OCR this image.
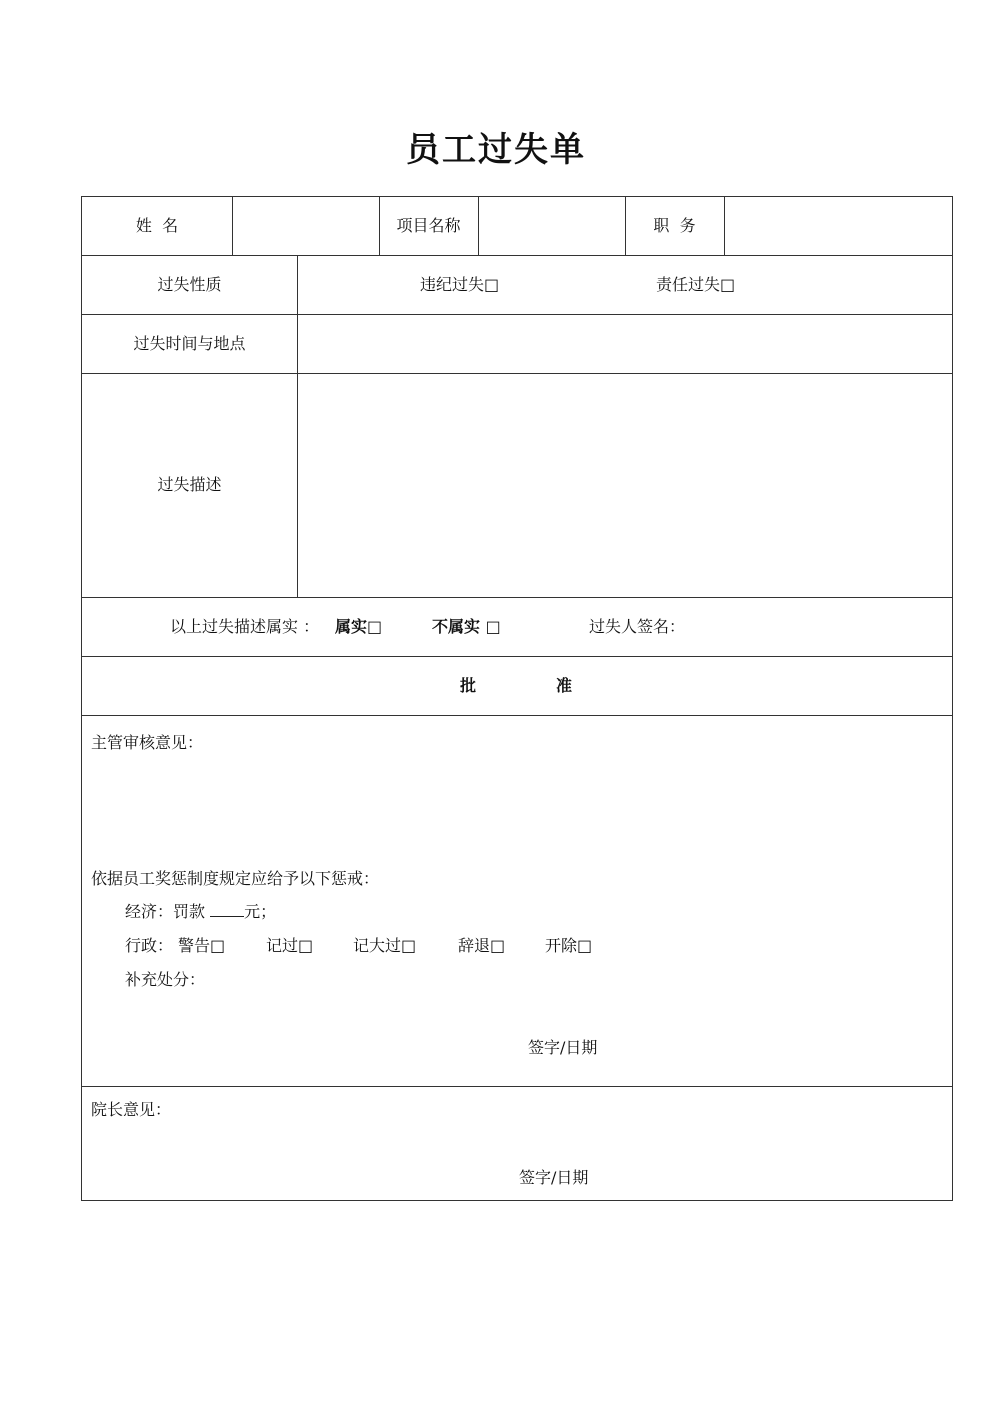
员工过失单
姓  名	项目名称	职  务
过失性质	违纪过失□	责任过失□
过失时间与地点
过失描述
以上过失描述属实 ： 属实□	不属实 □	过失人签名：
批	准
主管审核意见：
依据员工奖惩制度规定应给予以下惩戒：
经济：罚款 元；
行政： 警告□	记过□ 记大过□	辞退□ 开除□
补充处分：
签字/日期
院长意见：
签字/日期
